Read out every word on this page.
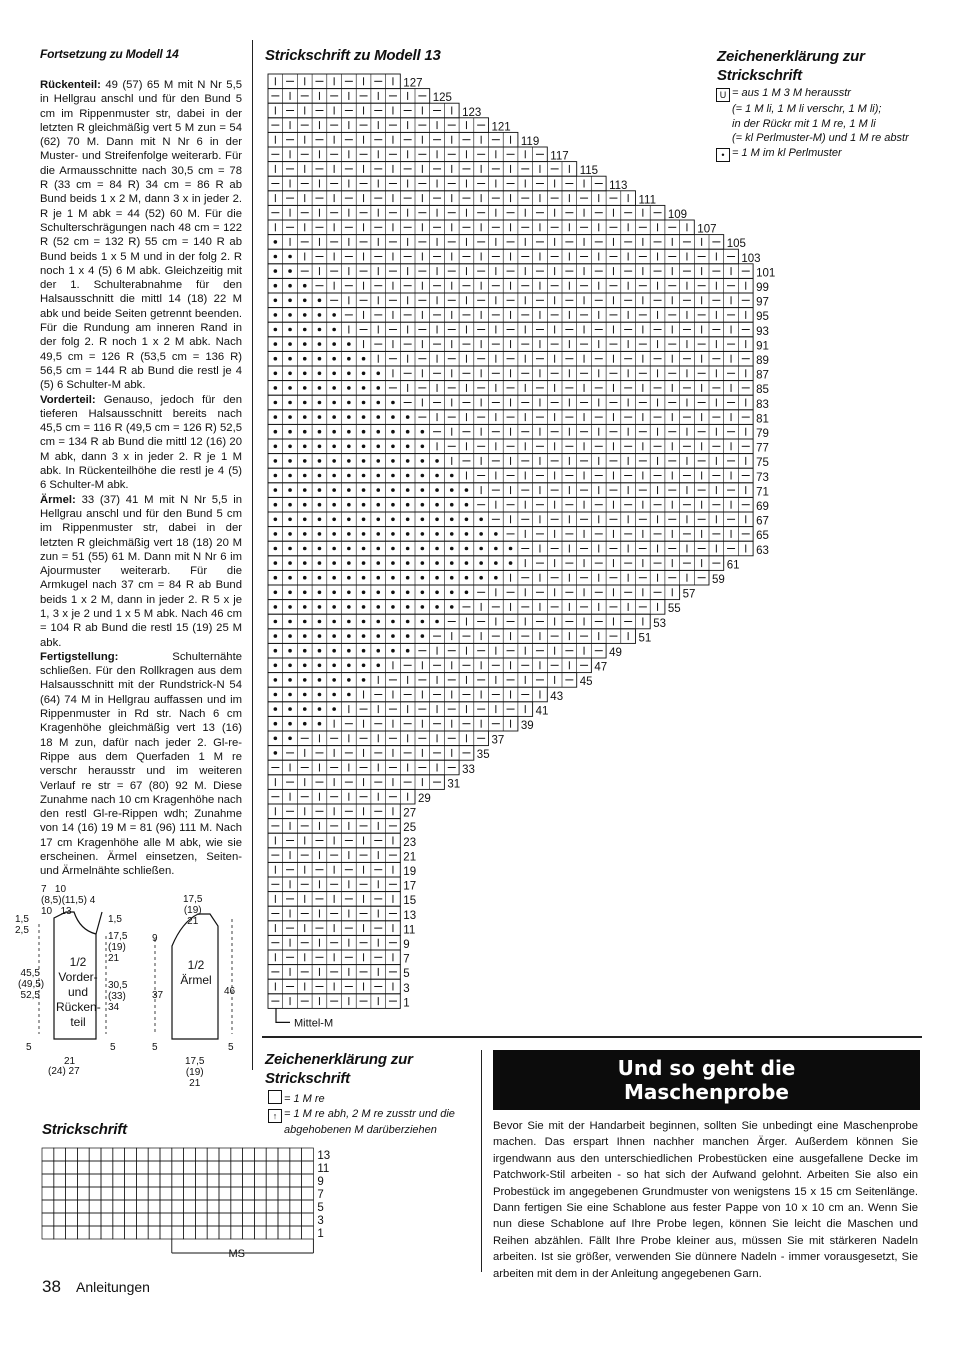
Fortsetzung zu Modell 14

Rückenteil: 49 (57) 65 M mit N Nr 5,5 in Hellgrau anschl und für den Bund 5 cm im Rippenmuster str, dabei in der letzten R gleichmäßig vert 5 M zun = 54 (62) 70 M. Dann mit N Nr 6 in der Muster- und Streifenfolge weiterarb. Für die Armausschnitte nach 30,5 cm = 78 R (33 cm = 84 R) 34 cm = 86 R ab Bund beids 1 x 2 M, dann 3 x in jeder 2. R je 1 M abk = 44 (52) 60 M. Für die Schulterschrägungen nach 48 cm = 122 R (52 cm = 132 R) 55 cm = 140 R ab Bund beids 1 x 5 M und in der folg 2. R noch 1 x 4 (5) 6 M abk. Gleichzeitig mit der 1. Schulterabnahme für den Halsausschnitt die mittl 14 (18) 22 M abk und beide Seiten getrennt beenden. Für die Rundung am inneren Rand in der folg 2. R noch 1 x 2 M abk. Nach 49,5 cm = 126 R (53,5 cm = 136 R) 56,5 cm = 144 R ab Bund die restl je 4 (5) 6 Schulter-M abk.

Vorderteil: Genauso, jedoch für den tieferen Halsausschnitt bereits nach 45,5 cm = 116 R (49,5 cm = 126 R) 52,5 cm = 134 R ab Bund die mittl 12 (16) 20 M abk, dann 3 x in jeder 2. R je 1 M abk. In Rückenteilhöhe die restl je 4 (5) 6 Schulter-M abk.

Ärmel: 33 (37) 41 M mit N Nr 5,5 in Hellgrau anschl und für den Bund 5 cm im Rippenmuster str, dabei in der letzten R gleichmäßig vert 18 (18) 20 M zun = 51 (55) 61 M. Dann mit N Nr 6 im Ajourmuster weiterarb. Für die Armkugel nach 37 cm = 84 R ab Bund beids 1 x 2 M, dann in jeder 2. R 5 x je 1, 3 x je 2 und 1 x 5 M abk. Nach 46 cm = 104 R ab Bund die restl 15 (19) 25 M abk.

Fertigstellung:	Schulternähte schließen. Für den Rollkragen aus dem Halsausschnitt mit der Rundstrick-N 54 (64) 74 M in Hellgrau auffassen und im Rippenmuster in Rd str. Nach 6 cm Kragenhöhe gleichmäßig vert 13 (16) 18 M zun, dafür nach jeder 2. Gl-re-Rippe aus dem Querfaden 1 M re verschr herausstr und im weiteren Verlauf re str = 67 (80) 92 M. Diese Zunahme nach 10 cm Kragenhöhe nach den restl Gl-re-Rippen wdh; Zunahme von 14 (16) 19 M = 81 (96) 111 M. Nach 17 cm Kragenhöhe alle M abk, wie sie erscheinen. Ärmel einsetzen, Seiten- und Ärmelnähte schließen.

7 10
(8,5)(11,5) 4
10 13
1,5
2,5
45,5
(49,5)
52,5
1,5
17,5
(19)
21
30,5
(33)
34
1/2 Vorder- und Rücken- teil
5	5
21
(24) 27
17,5
(19)
21
9
37	46
1/2 Ärmel
5	5
17,5
(19)
21
Strickschrift zu Modell 13
127
125
123
121
119
117
115
113
111
109
107
105
103
101
99
97
95
93
91
89
87
85
83
81
79
77
75
73
71
69
67
65
63
61
59
57
55
53
51
49
47
45
43
41
39
37
35
33
31
29
27
25
23
21
19
17
15
13
11
9
7
5
3
1
Mittel-M
Zeichenerklärung zur Strickschrift
U = aus 1 M 3 M herausstr
(= 1 M li, 1 M li verschr, 1 M li);
in der Rückr mit 1 M re, 1 M li
(= kl Perlmuster-M) und 1 M re abstr
• = 1 M im kl Perlmuster
Zeichenerklärung zur Strickschrift
= 1 M re
↑ = 1 M re abh, 2 M re zusstr und die
abgehobenen M darüberziehen
Strickschrift
13
11
9
7
5
3
1
MS
Und so geht die
Maschenprobe
Bevor Sie mit der Handarbeit beginnen, sollten Sie unbedingt eine Maschenprobe machen. Das erspart Ihnen nachher manchen Ärger. Außerdem können Sie irgendwann aus den unterschiedlichen Probestücken eine ausgefallene Decke im Patchwork-Stil arbeiten - so hat sich der Aufwand gelohnt. Arbeiten Sie also ein Probestück im angegebenen Grundmuster von wenigstens 15 x 15 cm Seitenlänge. Dann fertigen Sie eine Schablone aus fester Pappe von 10 x 10 cm an. Wenn Sie nun diese Schablone auf Ihre Probe legen, können Sie leicht die Maschen und Reihen abzählen. Fällt Ihre Probe kleiner aus, müssen Sie mit stärkeren Nadeln arbeiten. Ist sie größer, verwenden Sie dünnere Nadeln - immer vorausgesetzt, Sie arbeiten mit dem in der Anleitung angegebenen Garn.
38 Anleitungen
